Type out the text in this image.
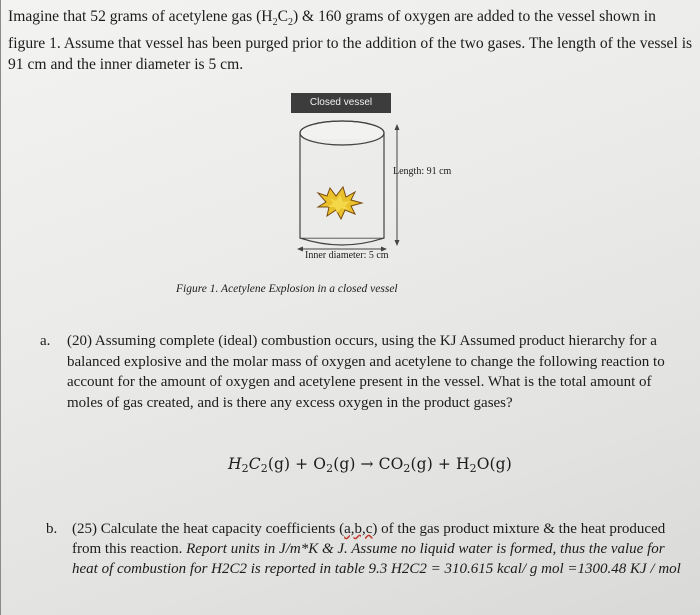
Imagine that 52 grams of acetylene gas $(H_2C_2)$ & 160 grams of oxygen are added to the vessel shown in figure 1. Assume that vessel has been purged prior to the addition of the two gases. The length of the vessel is 91 cm and the inner diameter is 5 cm.
Closed vessel
Length: 91 cm
Inner diameter: 5 cm
Figure 1. Acetylene Explosion in a closed vessel
a. (20) Assuming complete (ideal) combustion occurs, using the KJ Assumed product hierarchy for a balanced explosive and the molar mass of oxygen and acetylene to change the following reaction to account for the amount of oxygen and acetylene present in the vessel. What is the total amount of moles of gas created, and is there any excess oxygen in the product gases?
$H_2C_2(g) + O_2(g) \to CO_2(g) + H_2O(g)$
b. (25) Calculate the heat capacity coefficients (a,b,c) of the gas product mixture & the heat produced from this reaction. Report units in J/m*K & J. Assume no liquid water is formed, thus the value for heat of combustion for H2C2 is reported in table 9.3 H2C2 = 310.615 kcal/ g mol =1300.48 KJ / mol
